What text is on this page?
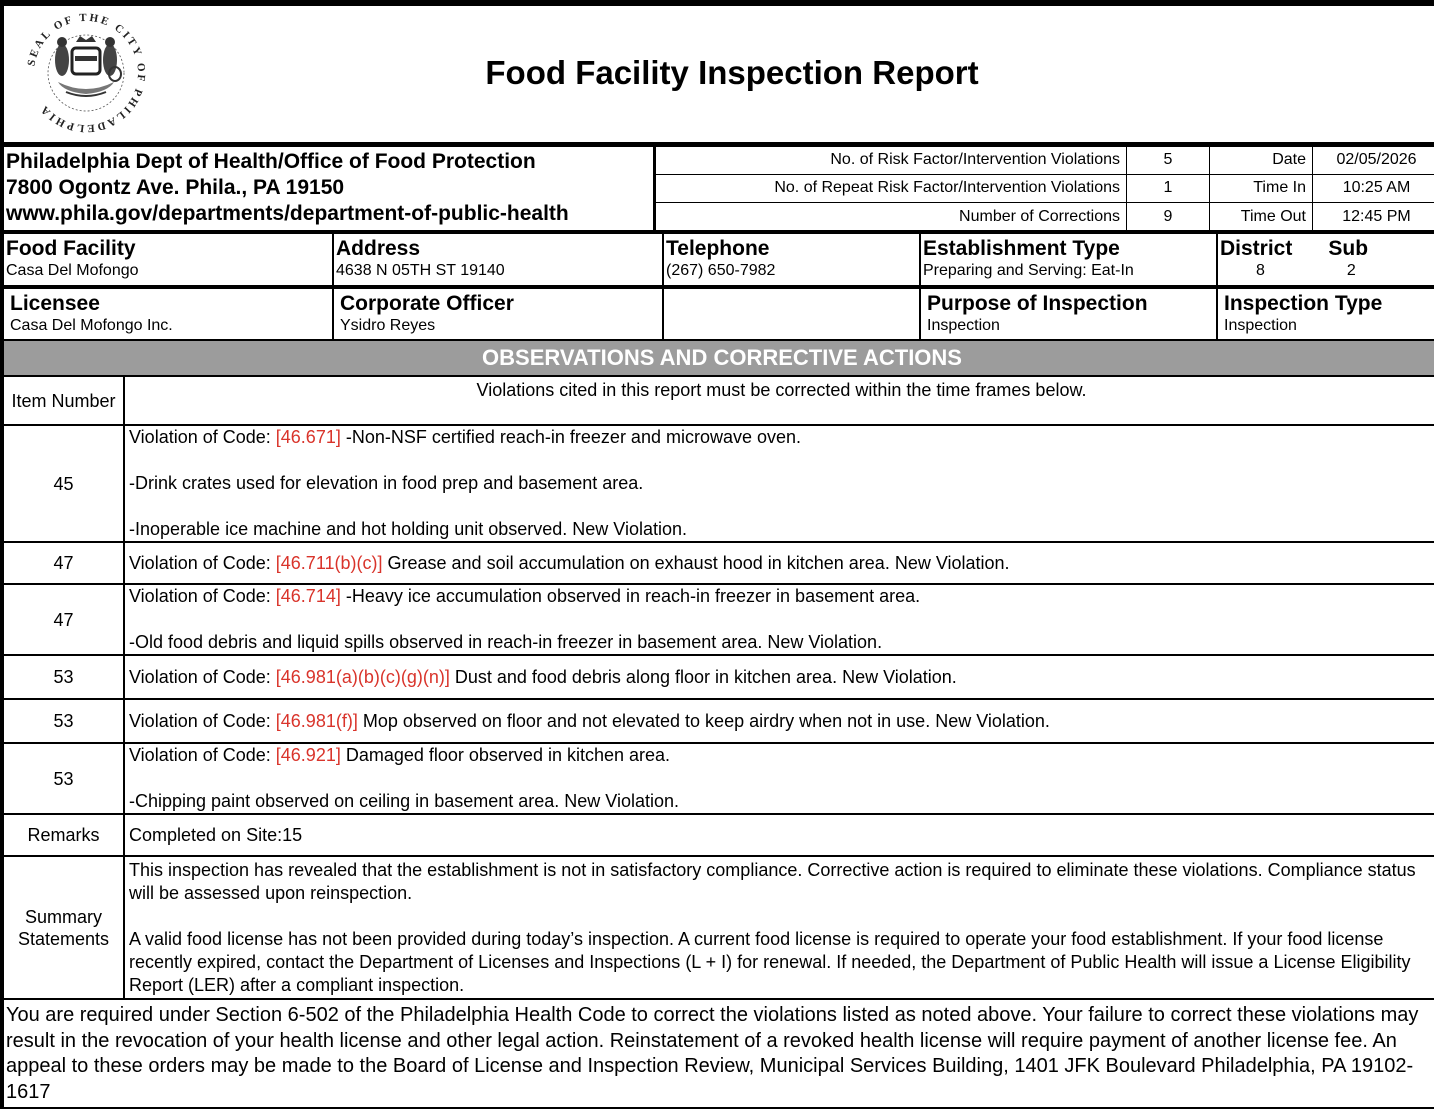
SEAL OF THE CITY OF PHILADELPHIA
Food Facility Inspection Report
Philadelphia Dept of Health/Office of Food Protection
7800 Ogontz Ave. Phila., PA 19150
www.phila.gov/departments/department-of-public-health
No. of Risk Factor/Intervention Violations	5	Date	02/05/2026
No. of Repeat Risk Factor/Intervention Violations	1	Time In	10:25 AM
Number of Corrections	9	Time Out	12:45 PM
Food Facility
Casa Del Mofongo
Address
4638 N 05TH ST 19140
Telephone
(267) 650-7982
Establishment Type
Preparing and Serving: Eat-In
District Sub
8	2
Licensee
Casa Del Mofongo Inc.
Corporate Officer
Ysidro Reyes
Purpose of Inspection
Inspection
Inspection Type
Inspection
OBSERVATIONS AND CORRECTIVE ACTIONS
Item Number	Violations cited in this report must be corrected within the time frames below.
45	Violation of Code: [46.671] -Non-NSF certified reach-in freezer and microwave oven.
-Drink crates used for elevation in food prep and basement area.
-Inoperable ice machine and hot holding unit observed. New Violation.

47	Violation of Code: [46.711(b)(c)] Grease and soil accumulation on exhaust hood in kitchen area. New Violation.

47	Violation of Code: [46.714] -Heavy ice accumulation observed in reach-in freezer in basement area.
-Old food debris and liquid spills observed in reach-in freezer in basement area. New Violation.

53	Violation of Code: [46.981(a)(b)(c)(g)(n)] Dust and food debris along floor in kitchen area. New Violation.

53	Violation of Code: [46.981(f)] Mop observed on floor and not elevated to keep airdry when not in use. New Violation.

53	Violation of Code: [46.921] Damaged floor observed in kitchen area.
-Chipping paint observed on ceiling in basement area. New Violation.

Remarks	Completed on Site:15
Summary Statements	This inspection has revealed that the establishment is not in satisfactory compliance. Corrective action is required to eliminate these violations. Compliance status will be assessed upon reinspection.
A valid food license has not been provided during today’s inspection. A current food license is required to operate your food establishment. If your food license recently expired, contact the Department of Licenses and Inspections (L + I) for renewal. If needed, the Department of Public Health will issue a License Eligibility Report (LER) after a compliant inspection.
You are required under Section 6-502 of the Philadelphia Health Code to correct the violations listed as noted above. Your failure to correct these violations may result in the revocation of your health license and other legal action. Reinstatement of a revoked health license will require payment of another license fee. An appeal to these orders may be made to the Board of License and Inspection Review, Municipal Services Building, 1401 JFK Boulevard Philadelphia, PA 19102-1617
